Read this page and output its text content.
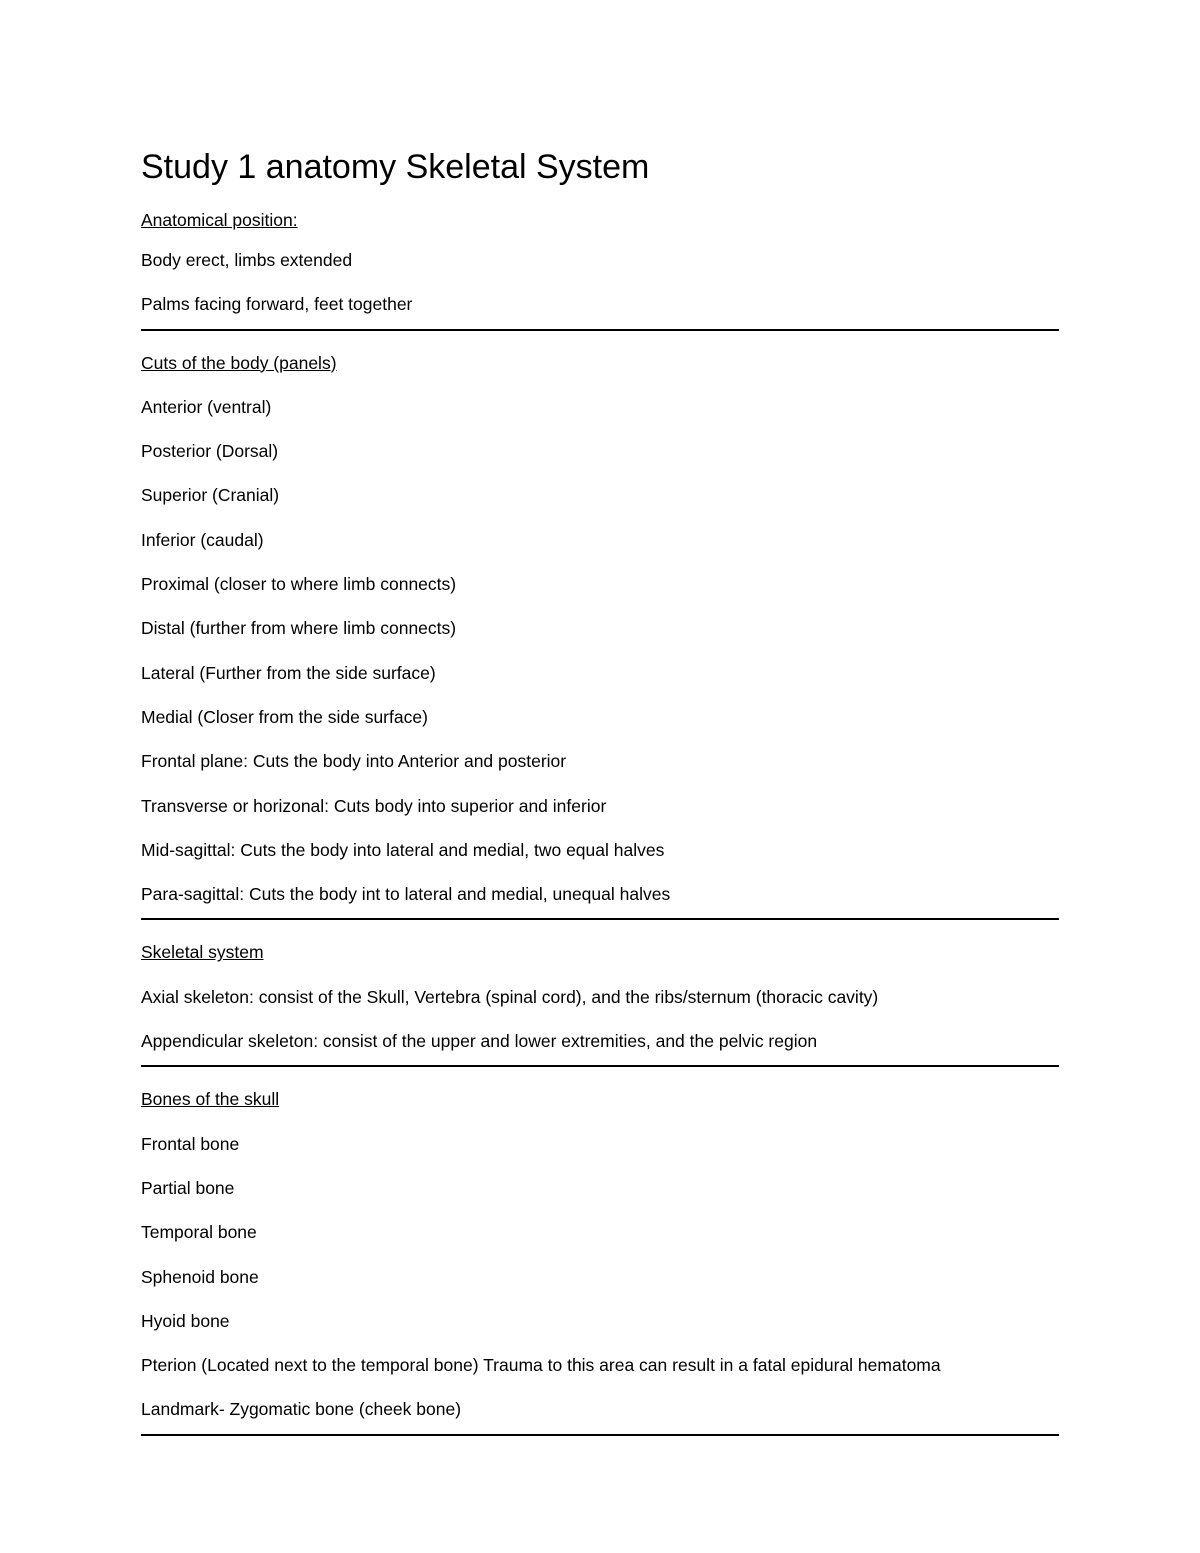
Study 1 anatomy Skeletal System
Anatomical position:
Body erect, limbs extended
Palms facing forward, feet together
Cuts of the body (panels)
Anterior (ventral)
Posterior (Dorsal)
Superior (Cranial)
Inferior (caudal)
Proximal (closer to where limb connects)
Distal (further from where limb connects)
Lateral (Further from the side surface)
Medial (Closer from the side surface)
Frontal plane: Cuts the body into Anterior and posterior
Transverse or horizonal: Cuts body into superior and inferior
Mid-sagittal: Cuts the body into lateral and medial, two equal halves
Para-sagittal: Cuts the body int to lateral and medial, unequal halves
Skeletal system
Axial skeleton: consist of the Skull, Vertebra (spinal cord), and the ribs/sternum (thoracic cavity)
Appendicular skeleton: consist of the upper and lower extremities, and the pelvic region
Bones of the skull
Frontal bone
Partial bone
Temporal bone
Sphenoid bone
Hyoid bone
Pterion (Located next to the temporal bone) Trauma to this area can result in a fatal epidural hematoma
Landmark- Zygomatic bone (cheek bone)
